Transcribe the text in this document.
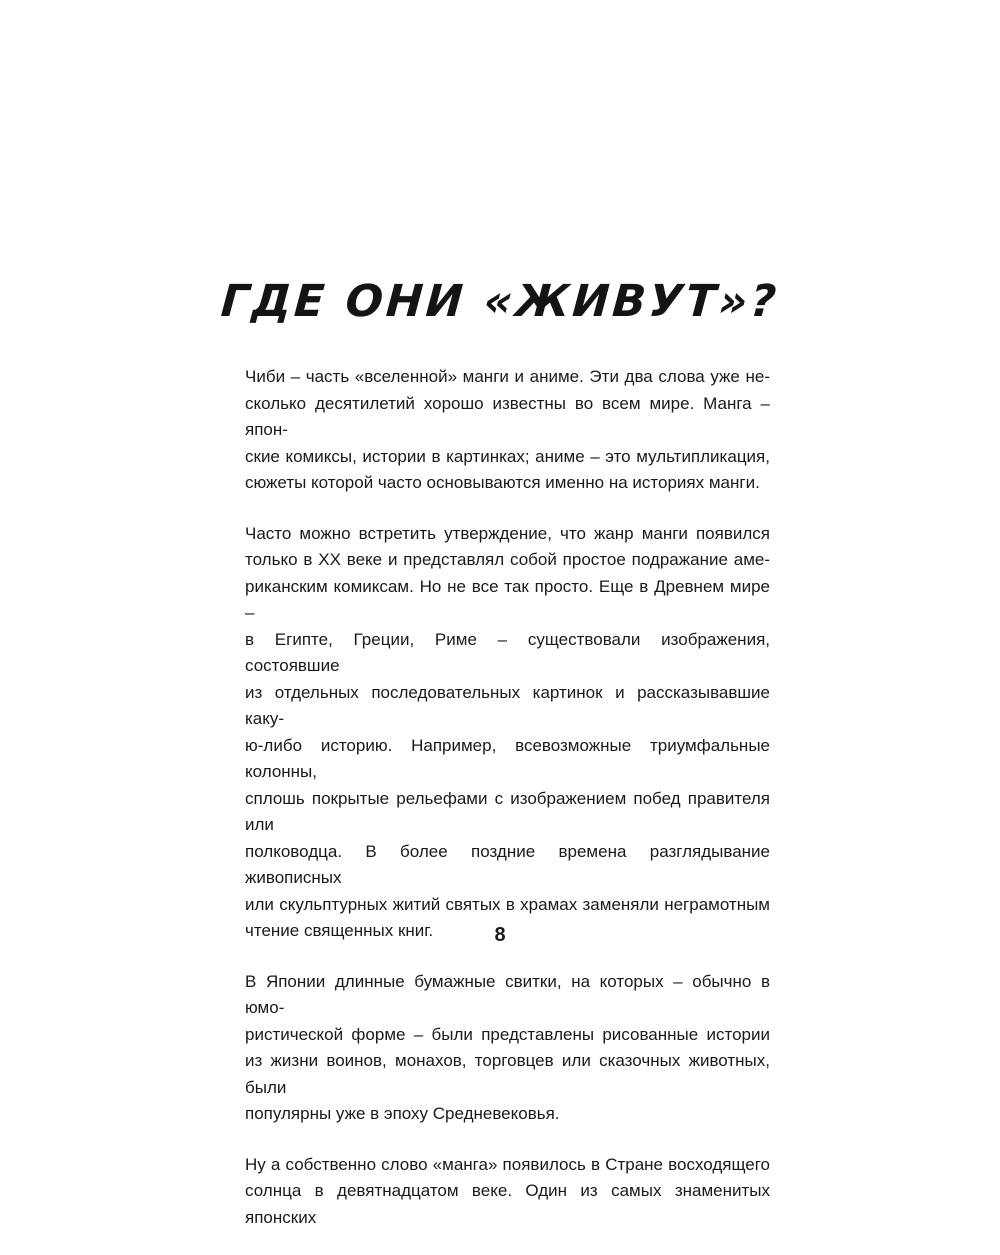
ГДЕ ОНИ «ЖИВУТ»?

Чиби – часть «вселенной» манги и аниме. Эти два слова уже не-
сколько десятилетий хорошо известны во всем мире. Манга – япон-
ские комиксы, истории в картинках; аниме – это мультипликация,
сюжеты которой часто основываются именно на историях манги.

Часто можно встретить утверждение, что жанр манги появился
только в XX веке и представлял собой простое подражание аме-
риканским комиксам. Но не все так просто. Еще в Древнем мире –
в Египте, Греции, Риме – существовали изображения, состоявшие
из отдельных последовательных картинок и рассказывавшие каку-
ю-либо историю. Например, всевозможные триумфальные колонны,
сплошь покрытые рельефами с изображением побед правителя или
полководца. В более поздние времена разглядывание живописных
или скульптурных житий святых в храмах заменяли неграмотным
чтение священных книг.

В Японии длинные бумажные свитки, на которых – обычно в юмо-
ристической форме – были представлены рисованные истории
из жизни воинов, монахов, торговцев или сказочных животных, были
популярны уже в эпоху Средневековья.

Ну а собственно слово «манга» появилось в Стране восходящего
солнца в девятнадцатом веке. Один из самых знаменитых японских

8
